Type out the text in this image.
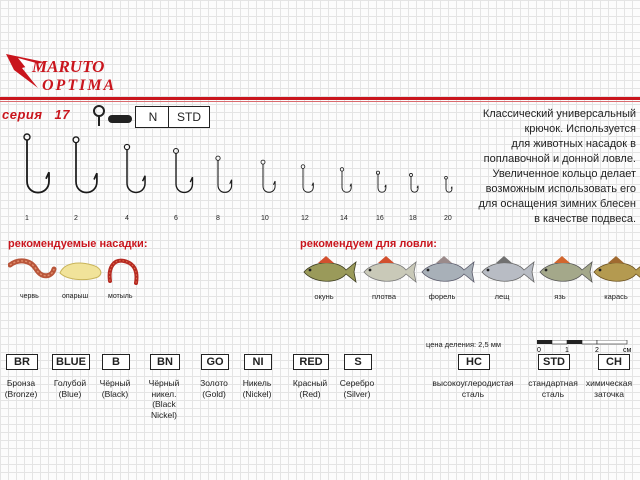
MARUTO
OPTIMA
серия 17	N	STD	Классический универсальный
крючок. Используется
для животных насадок в
поплавочной и донной ловле.
Увеличенное кольцо делает
возможным использовать его
для оснащения зимних блесен
в качестве подвеса.
1	2	4	6	8	10	12	14	16	18	20
рекомендуемые насадки:
червь	опарыш	мотыль
рекомендуем для ловли:
окунь	плотва	форель	лещ	язь	карась
цена деления: 2,5 мм
0	1	2	см
BR
Бронза (Bronze)
BLUE
Голубой (Blue)
B
Чёрный (Black)
BN
Чёрный никел. (Black Nickel)
GO
Золото (Gold)
NI
Никель (Nickel)
RED
Красный (Red)
S
Серебро (Silver)
HC
высокоуглеродистая сталь
STD
стандартная сталь
CH
химическая заточка
